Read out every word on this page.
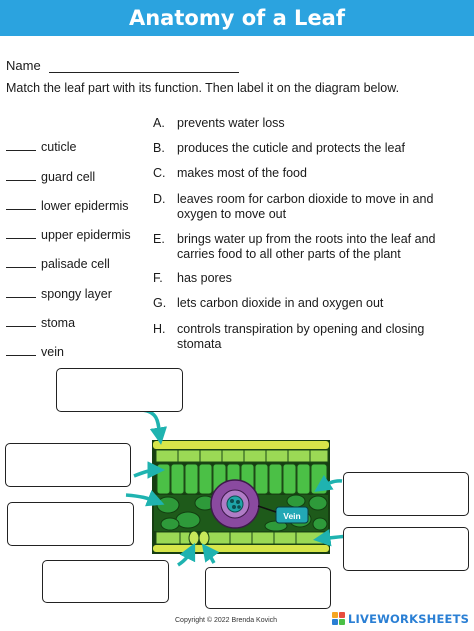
Anatomy of a Leaf
Name
Match the leaf part with its function. Then label it on the diagram below.
cuticle
guard cell
lower epidermis
upper epidermis
palisade cell
spongy layer
stoma
vein
A. prevents water loss
B. produces the cuticle and protects the leaf
C. makes most of the food
D. leaves room for carbon dioxide to move in and oxygen to move out
E. brings water up from the roots into the leaf and carries food to all other parts of the plant
F.	has pores
G. lets carbon dioxide in and oxygen out
H. controls transpiration by opening and closing stomata
Vein
Copyright © 2022 Brenda Kovich	LIVEWORKSHEETS
